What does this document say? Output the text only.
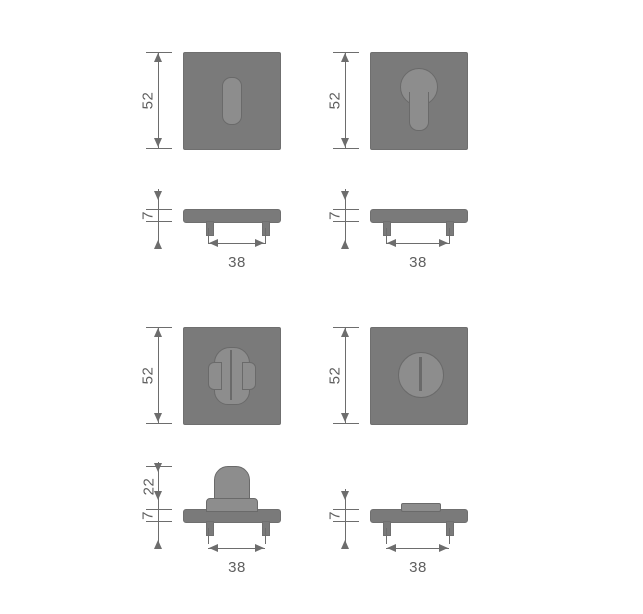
52
7
38
52
7
38
52
22
7
38
52
7
38
